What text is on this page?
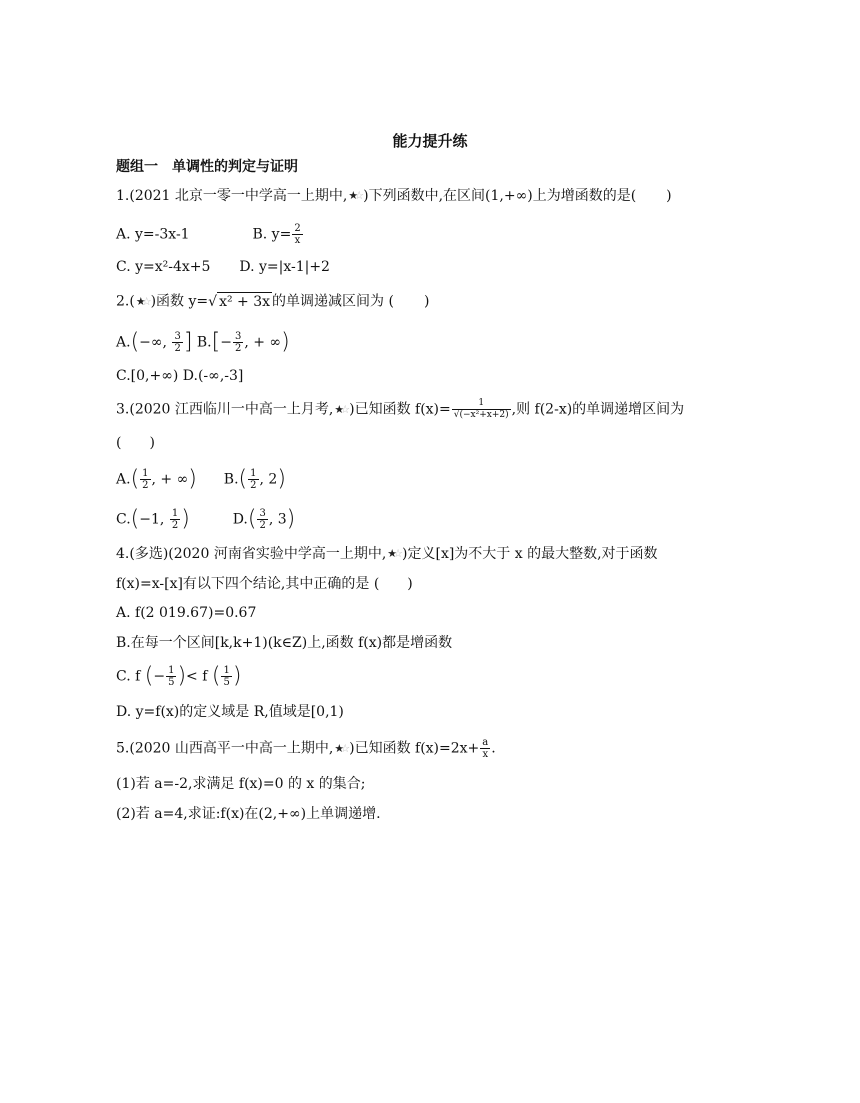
能力提升练
题组一　单调性的判定与证明
1.(2021 北京一零一中学高一上期中,★☆ )下列函数中,在区间(1,+∞)上为增函数的是( )
A. y=-3x-1	B. $y= \frac{2}{x}$
C. y=x²-4x+5 D. y=|x-1|+2
2.(★☆ )函数 y=√ x² + 3x 的单调递减区间为 ( )
A.(−∞, $\frac{3}{2}$ ] $B.[- \frac{3}{2}$ , + ∞)
C.[0,+∞) D.(-∞,-3]
3.(2020 江西临川一中高一上月考,★☆ )已知函数 $f(x)= \frac{1}{\text{√(−x²+x+2)}}$ ,则 f(2-x)的单调递增区间为
(　　)
$A.( \frac{1}{2}$ , + ∞) $B.( \frac{1}{2}$ , 2)
C.(−1, $\frac{1}{2}$ )	$D.( \frac{3}{2}$ , 3)
4.(多选)(2020 河南省实验中学高一上期中,★☆ )定义[x]为不大于 x 的最大整数,对于函数
f(x)=x-[x]有以下四个结论,其中正确的是 (　　)
A. f(2 019.67)=0.67
B.在每一个区间[k,k+1)(k∈Z)上,函数 f(x)都是增函数
C. f (− $\frac{1}{5}$ )< f ( $\frac{1}{5}$ )
D. y=f(x)的定义域是 R,值域是[0,1)
5.(2020 山西高平一中高一上期中,★☆ )已知函数 $f(x)=2x+ \frac{a}{x}$ .
(1)若 a=-2,求满足 f(x)=0 的 x 的集合;
(2)若 a=4,求证:f(x)在(2,+∞)上单调递增.
